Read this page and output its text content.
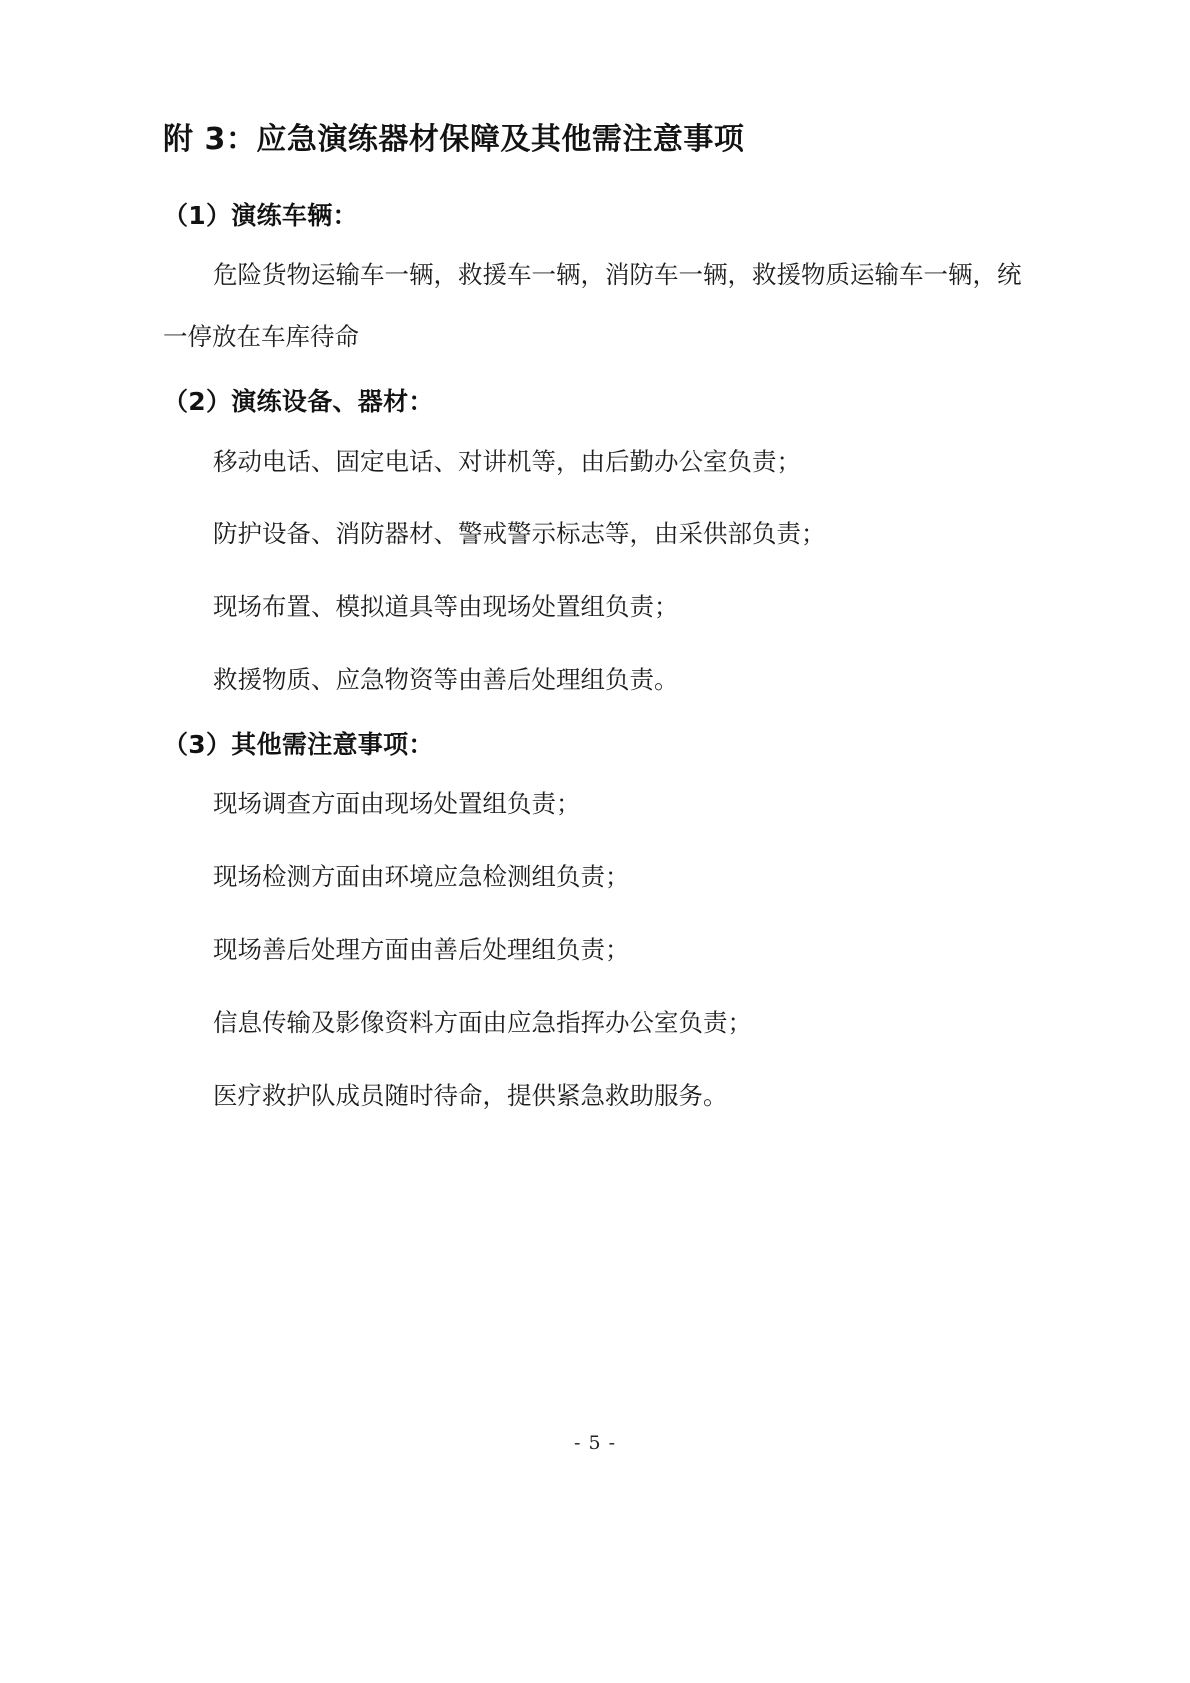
附 3：应急演练器材保障及其他需注意事项

（1）演练车辆：

危险货物运输车一辆，救援车一辆，消防车一辆，救援物质运输车一辆，统

一停放在车库待命

（2）演练设备、器材：

移动电话、固定电话、对讲机等，由后勤办公室负责；

防护设备、消防器材、警戒警示标志等，由采供部负责；

现场布置、模拟道具等由现场处置组负责；

救援物质、应急物资等由善后处理组负责。

（3）其他需注意事项：

现场调查方面由现场处置组负责；

现场检测方面由环境应急检测组负责；

现场善后处理方面由善后处理组负责；

信息传输及影像资料方面由应急指挥办公室负责；

医疗救护队成员随时待命，提供紧急救助服务。

- 5 -
